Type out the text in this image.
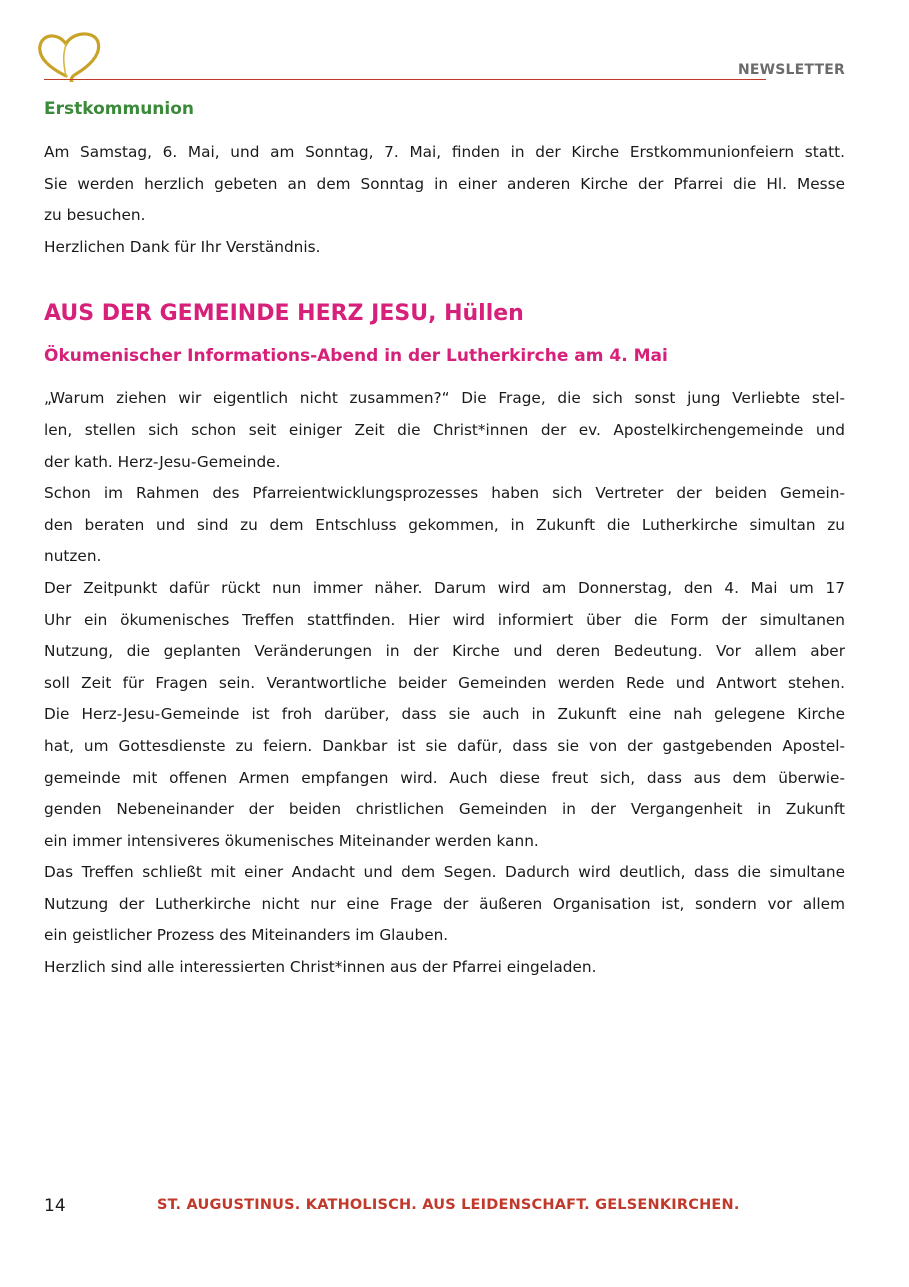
NEWSLETTER
Erstkommunion
Am Samstag, 6. Mai, und am Sonntag, 7. Mai, finden in der Kirche Erstkommunionfeiern statt.
Sie werden herzlich gebeten an dem Sonntag in einer anderen Kirche der Pfarrei die Hl. Messe
zu besuchen.
Herzlichen Dank für Ihr Verständnis.
AUS DER GEMEINDE HERZ JESU, Hüllen
Ökumenischer Informations-Abend in der Lutherkirche am 4. Mai
„Warum ziehen wir eigentlich nicht zusammen?“ Die Frage, die sich sonst jung Verliebte stel-
len, stellen sich schon seit einiger Zeit die Christ*innen der ev. Apostelkirchengemeinde und
der kath. Herz-Jesu-Gemeinde.
Schon im Rahmen des Pfarreientwicklungsprozesses haben sich Vertreter der beiden Gemein-
den beraten und sind zu dem Entschluss gekommen, in Zukunft die Lutherkirche simultan zu
nutzen.
Der Zeitpunkt dafür rückt nun immer näher. Darum wird am Donnerstag, den 4. Mai um 17
Uhr ein ökumenisches Treffen stattfinden. Hier wird informiert über die Form der simultanen
Nutzung, die geplanten Veränderungen in der Kirche und deren Bedeutung. Vor allem aber
soll Zeit für Fragen sein. Verantwortliche beider Gemeinden werden Rede und Antwort stehen.
Die Herz-Jesu-Gemeinde ist froh darüber, dass sie auch in Zukunft eine nah gelegene Kirche
hat, um Gottesdienste zu feiern. Dankbar ist sie dafür, dass sie von der gastgebenden Apostel-
gemeinde mit offenen Armen empfangen wird. Auch diese freut sich, dass aus dem überwie-
genden Nebeneinander der beiden christlichen Gemeinden in der Vergangenheit in Zukunft
ein immer intensiveres ökumenisches Miteinander werden kann.
Das Treffen schließt mit einer Andacht und dem Segen. Dadurch wird deutlich, dass die simultane
Nutzung der Lutherkirche nicht nur eine Frage der äußeren Organisation ist, sondern vor allem
ein geistlicher Prozess des Miteinanders im Glauben.
Herzlich sind alle interessierten Christ*innen aus der Pfarrei eingeladen.
14	ST. AUGUSTINUS. KATHOLISCH. AUS LEIDENSCHAFT. GELSENKIRCHEN.
